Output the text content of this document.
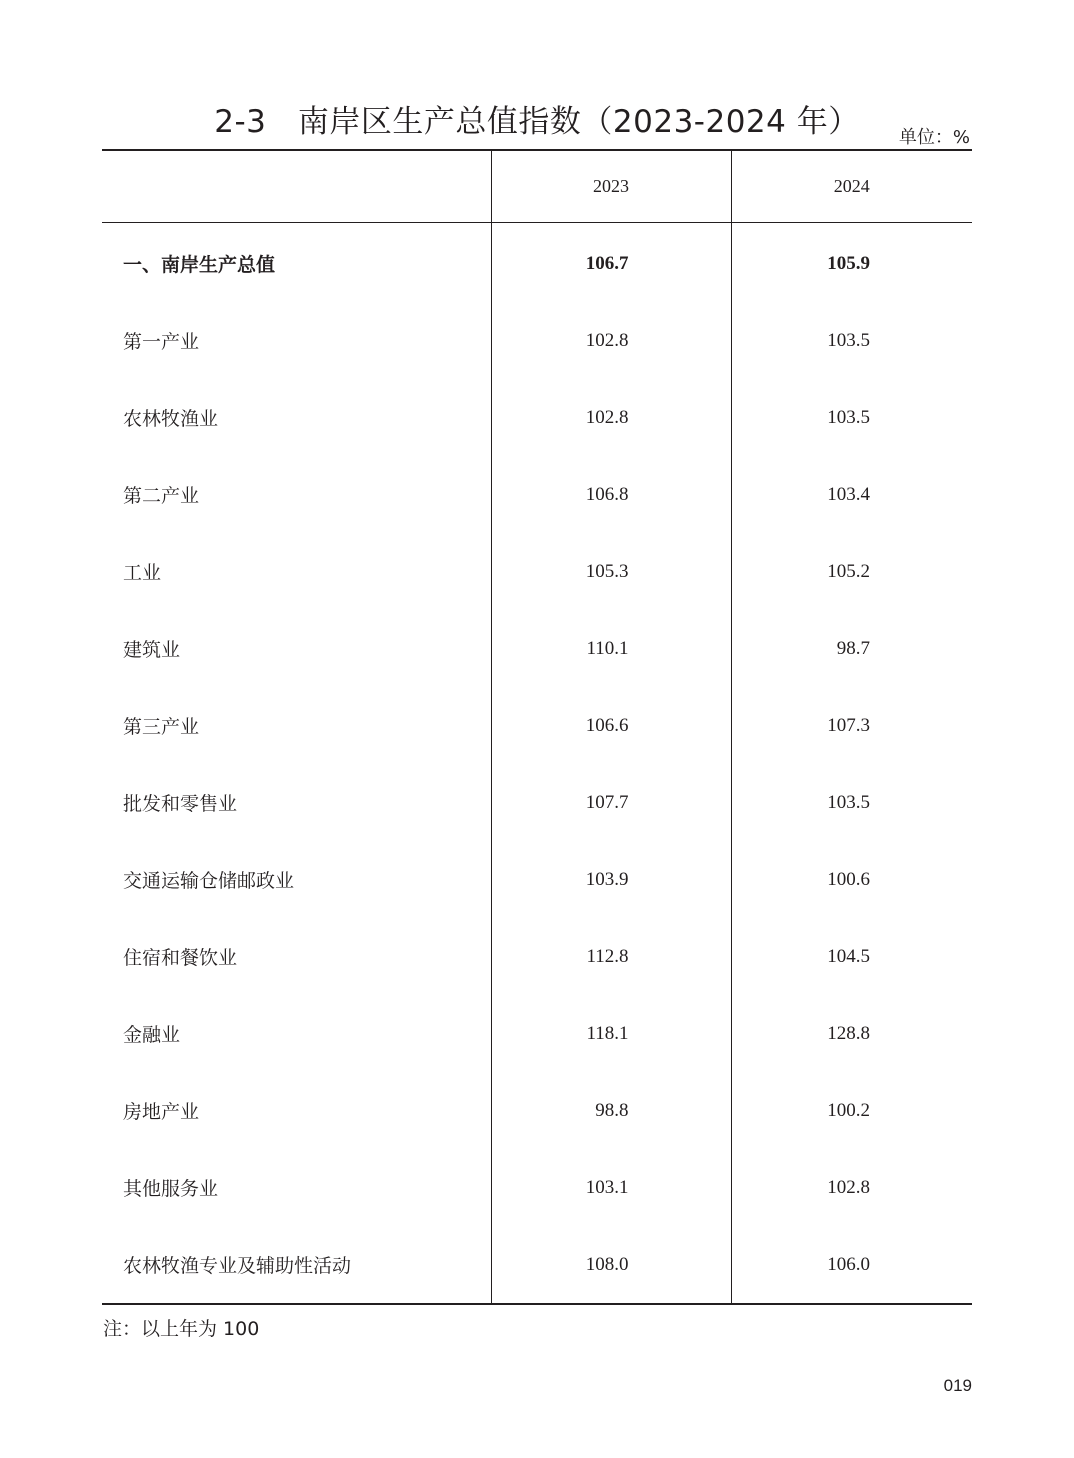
2-3　南岸区生产总值指数（2023-2024 年）	单位：%
	2023	2024
一、南岸生产总值	106.7	105.9
第一产业	102.8	103.5
农林牧渔业	102.8	103.5
第二产业	106.8	103.4
工业	105.3	105.2
建筑业	110.1	98.7
第三产业	106.6	107.3
批发和零售业	107.7	103.5
交通运输仓储邮政业	103.9	100.6
住宿和餐饮业	112.8	104.5
金融业	118.1	128.8
房地产业	98.8	100.2
其他服务业	103.1	102.8
农林牧渔专业及辅助性活动	108.0	106.0
注：以上年为 100
019
